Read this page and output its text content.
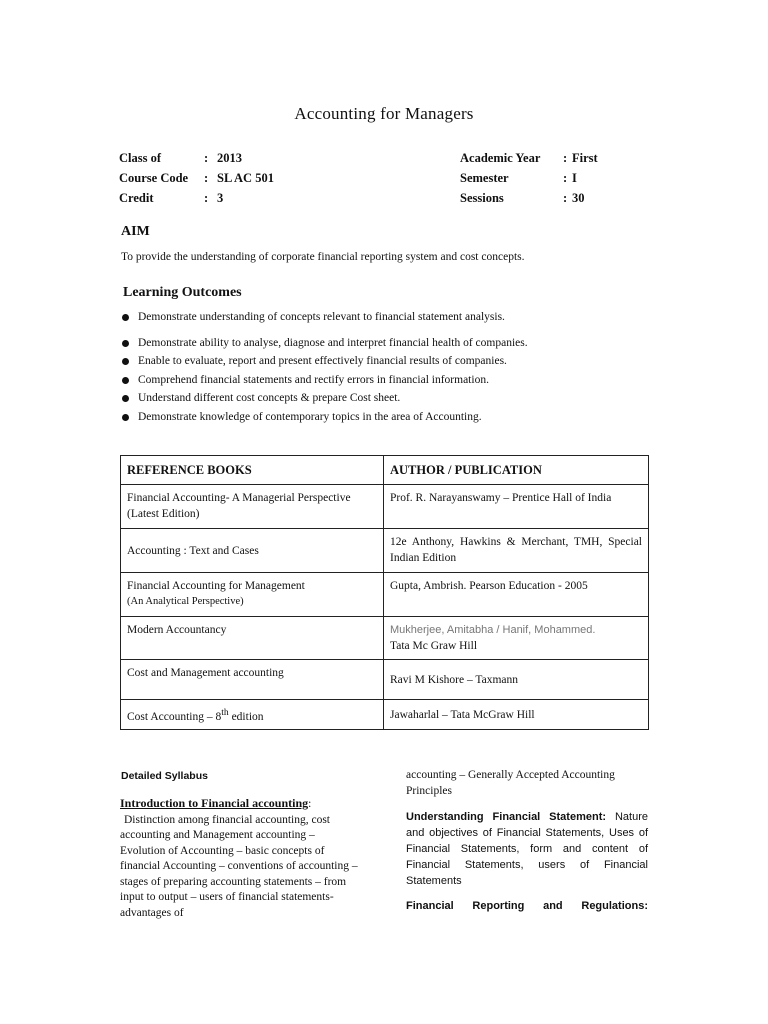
Accounting for Managers
Class of	: 2013
Course Code : SL AC 501
Credit	: 3
Academic Year : First
Semester	: I
Sessions	: 30
AIM
To provide the understanding of corporate financial reporting system and cost concepts.
Learning Outcomes
Demonstrate understanding of concepts relevant to financial statement analysis.
Demonstrate ability to analyse, diagnose and interpret financial health of companies.
Enable to evaluate, report and present effectively financial results of companies.
Comprehend financial statements and rectify errors in financial information.
Understand different cost concepts & prepare Cost sheet.
Demonstrate knowledge of contemporary topics in the area of Accounting.
REFERENCE BOOKS	AUTHOR / PUBLICATION

Financial Accounting- A Managerial Perspective (Latest Edition)	Prof. R. Narayanswamy – Prentice Hall of India

Accounting : Text and Cases	12e Anthony, Hawkins & Merchant, TMH, Special Indian Edition

Financial Accounting for Management
(An Analytical Perspective)	Gupta, Ambrish. Pearson Education - 2005

Modern Accountancy	Mukherjee, Amitabha / Hanif, Mohammed.
Tata Mc Graw Hill

Cost and Management accounting	Ravi M Kishore – Taxmann

Cost Accounting – 8th edition	Jawaharlal – Tata McGraw Hill
Detailed Syllabus
Introduction to Financial accounting:
Distinction among financial accounting, cost accounting and Management accounting – Evolution of Accounting – basic concepts of financial Accounting – conventions of accounting – stages of preparing accounting statements – from input to output – users of financial statements- advantages of
accounting – Generally Accepted Accounting Principles
Understanding Financial Statement: Nature and objectives of Financial Statements, Uses of Financial Statements, form and content of Financial Statements, users of Financial Statements
Financial Reporting and Regulations:
